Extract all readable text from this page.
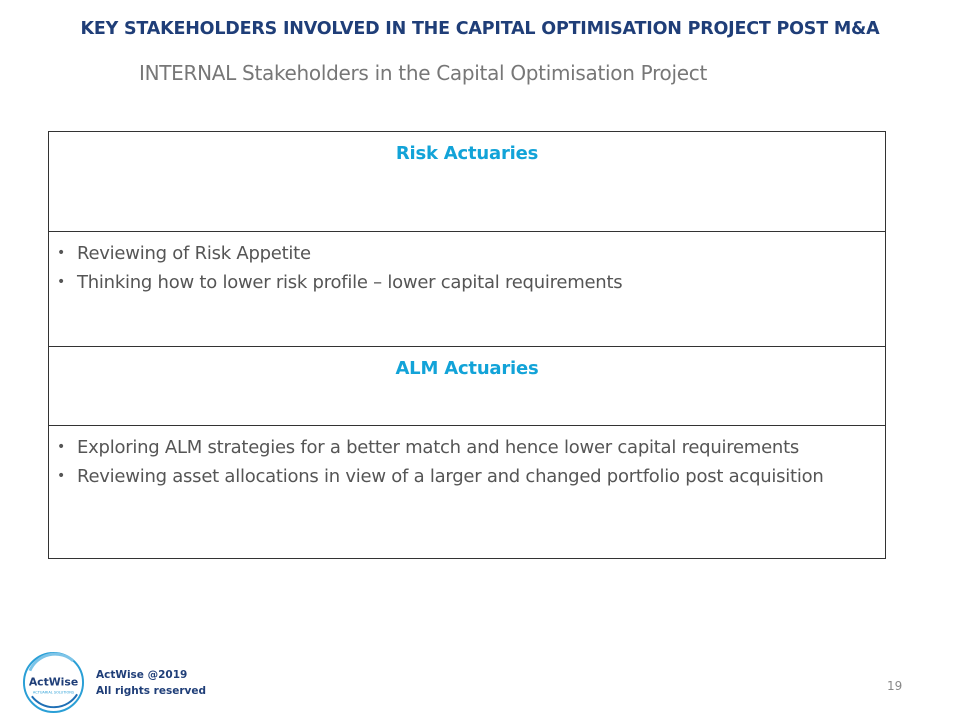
KEY STAKEHOLDERS INVOLVED IN THE CAPITAL OPTIMISATION PROJECT POST M&A
INTERNAL Stakeholders in the Capital Optimisation Project
Risk Actuaries
• Reviewing of Risk Appetite
• Thinking how to lower risk profile – lower capital requirements
ALM Actuaries
• Exploring ALM strategies for a better match and hence lower capital requirements
• Reviewing asset allocations in view of a larger and changed portfolio post acquisition
ActWise
ACTUARIAL SOLUTIONS
ActWise @2019
All rights reserved	19
